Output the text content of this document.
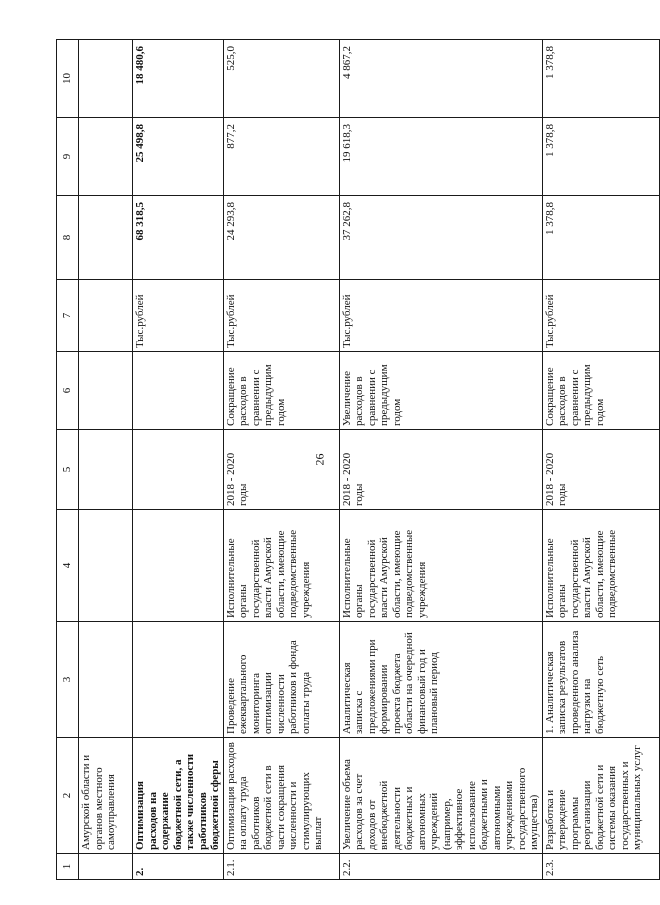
26
1	2	3	4	5	6	7	8	9	10
	Амурской области и органов местного самоуправления								
2.	Оптимизация расходов на содержание бюджетной сети, а также численности работников бюджетной сферы					Тыс.рублей	68 318,5	25 498,8	18 480,6
2.1.	Оптимизация расходов на оплату труда работников бюджетной сети в части сокращения численности и стимулирующих выплат	Проведение ежеквартального мониторинга оптимизации численности работников и фонда оплаты труда	Исполнительные органы государственной власти Амурской области, имеющие подведомственные учреждения	2018 - 2020 годы	Сокращение расходов в сравнении с предыдущим годом	Тыс.рублей	24 293,8	877,2	525,0
2.2.	Увеличение объема расходов за счет доходов от внебюджетной деятельности бюджетных и автономных учреждений (например, эффективное использование бюджетными и автономными учреждениями государственного имущества)	Аналитическая записка с предложениями при формировании проекта бюджета области на очередной финансовый год и плановый период	Исполнительные органы государственной власти Амурской области, имеющие подведомственные учреждения	2018 - 2020 годы	Увеличение расходов в сравнении с предыдущим годом	Тыс.рублей	37 262,8	19 618,3	4 867,2
2.3.	Разработка и утверждение программы реорганизации бюджетной сети и системы оказания государственных и муниципальных услуг	1. Аналитическая записка результатов проведенного анализа нагрузки на бюджетную сеть	Исполнительные органы государственной власти Амурской области, имеющие подведомственные	2018 - 2020 годы	Сокращение расходов в сравнении с предыдущим годом	Тыс.рублей	1 378,8	1 378,8	1 378,8
